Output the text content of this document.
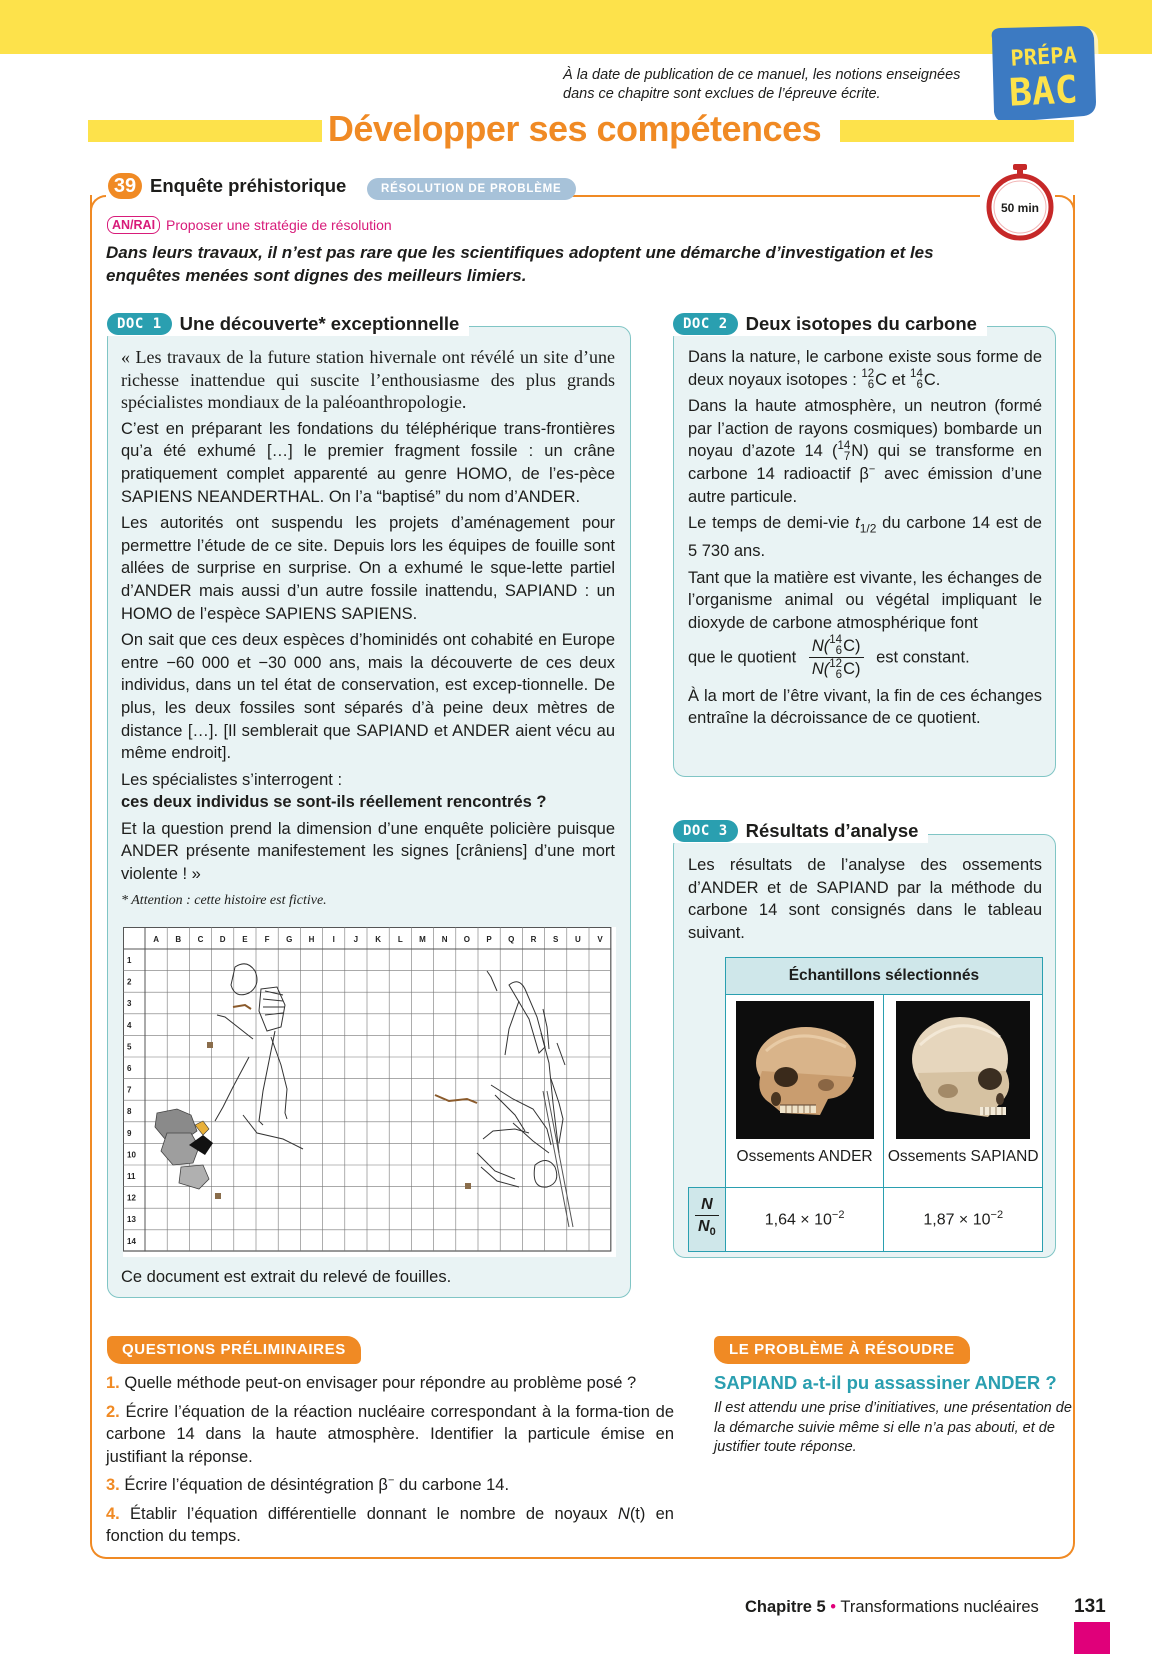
À la date de publication de ce manuel, les notions enseignées dans ce chapitre sont exclues de l’épreuve écrite.
PRÉPA
BAC
Développer ses compétences
39 Enquête préhistorique	RÉSOLUTION DE PROBLÈME
50 min
AN/RAI Proposer une stratégie de résolution
Dans leurs travaux, il n’est pas rare que les scientifiques adoptent une démarche d’investigation et les enquêtes menées sont dignes des meilleurs limiers.
DOC 1 Une découverte* exceptionnelle

« Les travaux de la future station hivernale ont révélé un site d’une richesse inattendue qui suscite l’enthousiasme des plus grands spécialistes mondiaux de la paléoanthropologie.

C’est en préparant les fondations du téléphérique trans-frontières qu’a été exhumé […] le premier fragment fossile : un crâne pratiquement complet apparenté au genre HOMO, de l’es-pèce SAPIENS NEANDERTHAL. On l’a “baptisé” du nom d’ANDER.

Les autorités ont suspendu les projets d’aménagement pour permettre l’étude de ce site. Depuis lors les équipes de fouille sont allées de surprise en surprise. On a exhumé le sque-lette partiel d’ANDER mais aussi d’un autre fossile inattendu, SAPIAND : un HOMO de l’espèce SAPIENS SAPIENS.

On sait que ces deux espèces d’hominidés ont cohabité en Europe entre −60 000 et −30 000 ans, mais la découverte de ces deux individus, dans un tel état de conservation, est excep-tionnelle. De plus, les deux fossiles sont séparés d’à peine deux mètres de distance […]. [Il semblerait que SAPIAND et ANDER aient vécu au même endroit].

Les spécialistes s’interrogent :

ces deux individus se sont-ils réellement rencontrés ?

Et la question prend la dimension d’une enquête policière puisque ANDER présente manifestement les signes [crâniens] d’une mort violente ! »

* Attention : cette histoire est fictive.

A B C D E F G H I J K L M N O P Q R S U V
1
2
3
4
5
6
7
8
9
10
11
12
13
14
Ce document est extrait du relevé de fouilles.
DOC 2 Deux isotopes du carbone

Dans la nature, le carbone existe sous forme de deux noyaux isotopes : 12
6C et 14
6C.

Dans la haute atmosphère, un neutron (formé par l’action de rayons cosmiques) bombarde un noyau d’azote 14 (14
7N) qui se transforme en carbone 14 radioactif β− avec émission d’une autre particule.

Le temps de demi-vie $t_{1/2}$ du carbone 14 est de 5 730 ans.

Tant que la matière est vivante, les échanges de l’organisme animal ou végétal impliquant le dioxyde de carbone atmosphérique font

que le quotient
N(14
6C)
N(12
6C)
est constant.

À la mort de l’être vivant, la fin de ces échanges entraîne la décroissance de ce quotient.

DOC 3 Résultats d’analyse
Les résultats de l’analyse des ossements d’ANDER et de SAPIAND par la méthode du carbone 14 sont consignés dans le tableau suivant.
	Échantillons sélectionnés	

	Ossements ANDER	Ossements SAPIAND

N
$N_0$	$1,64 \times 10^{-2}$	$1,87 \times 10^{-2}$
QUESTIONS PRÉLIMINAIRES

1. Quelle méthode peut-on envisager pour répondre au problème posé ?

2. Écrire l’équation de la réaction nucléaire correspondant à la forma-tion de carbone 14 dans la haute atmosphère. Identifier la particule émise en justifiant la réponse.

3. Écrire l’équation de désintégration β− du carbone 14.

4. Établir l’équation différentielle donnant le nombre de noyaux N(t) en fonction du temps.

LE PROBLÈME À RÉSOUDRE
SAPIAND a-t-il pu assassiner ANDER ?
Il est attendu une prise d’initiatives, une présentation de la démarche suivie même si elle n’a pas abouti, et de justifier toute réponse.
Chapitre 5 • Transformations nucléaires 131
